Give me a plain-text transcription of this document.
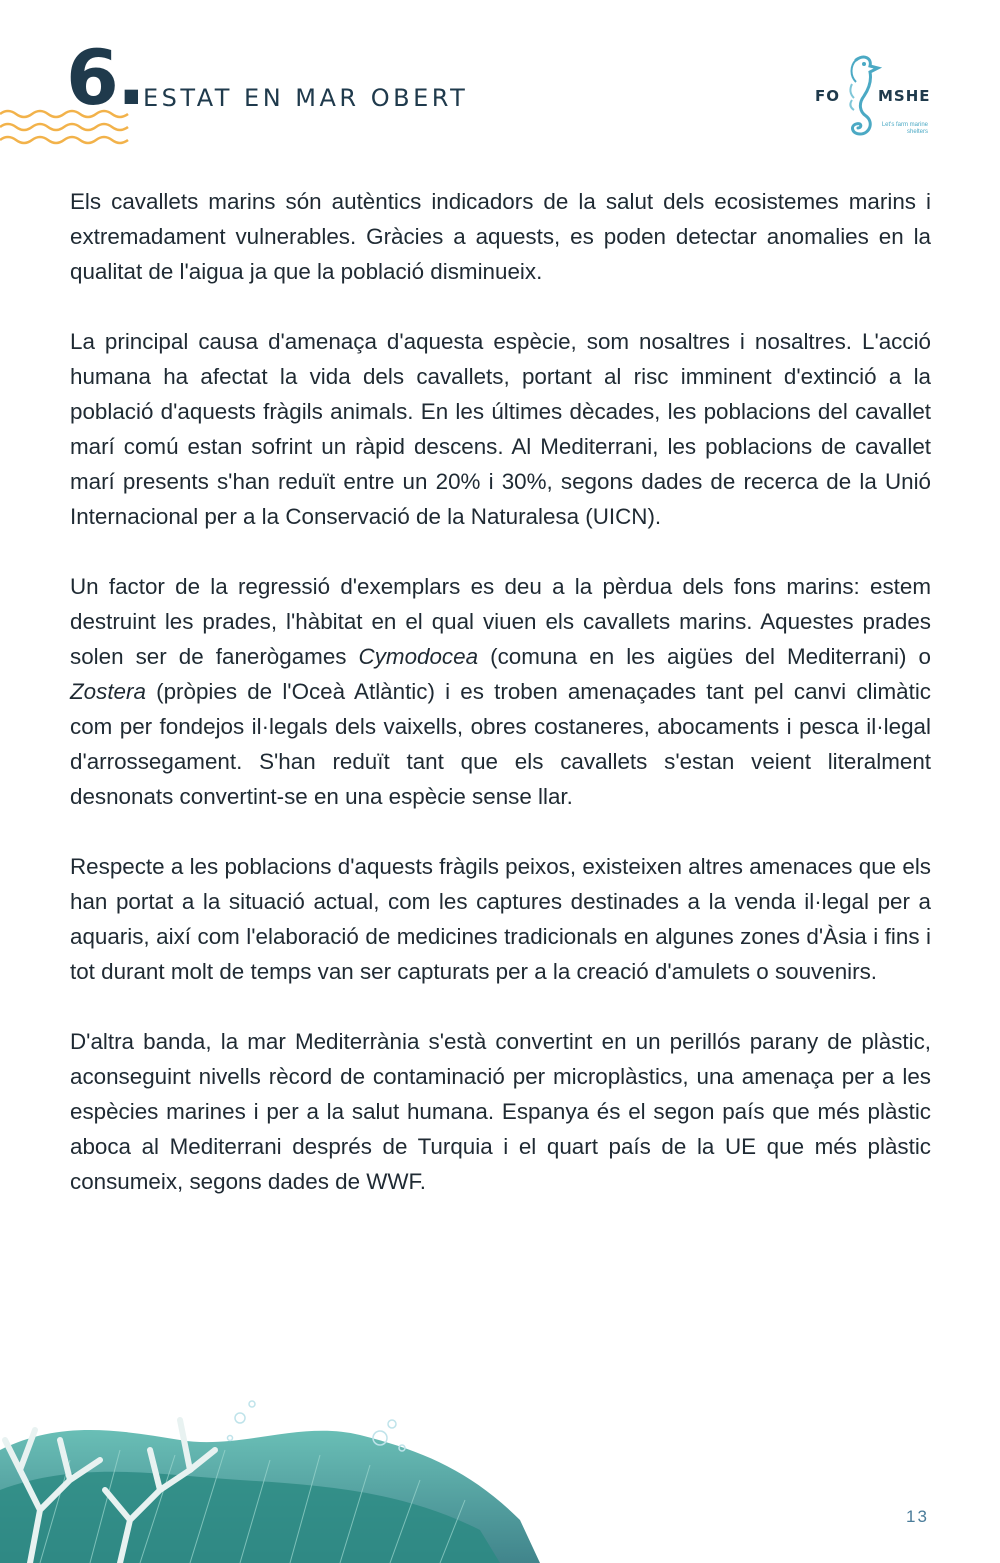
6. ESTAT EN MAR OBERT	FO	MSHE
Let's farm marine shelters

Els cavallets marins són autèntics indicadors de la salut dels ecosistemes marins i extremadament vulnerables. Gràcies a aquests, es poden detectar anomalies en la qualitat de l'aigua ja que la població disminueix.

La principal causa d'amenaça d'aquesta espècie, som nosaltres i nosaltres. L'acció humana ha afectat la vida dels cavallets, portant al risc imminent d'extinció a la població d'aquests fràgils animals. En les últimes dècades, les poblacions del cavallet marí comú estan sofrint un ràpid descens. Al Mediterrani, les poblacions de cavallet marí presents s'han reduït entre un 20% i 30%, segons dades de recerca de la Unió Internacional per a la Conservació de la Naturalesa (UICN).

Un factor de la regressió d'exemplars es deu a la pèrdua dels fons marins: estem destruint les prades, l'hàbitat en el qual viuen els cavallets marins. Aquestes prades solen ser de fanerògames Cymodocea (comuna en les aigües del Mediterrani) o Zostera (pròpies de l'Oceà Atlàntic) i es troben amenaçades tant pel canvi climàtic com per fondejos il·legals dels vaixells, obres costaneres, abocaments i pesca il·legal d'arrossegament. S'han reduït tant que els cavallets s'estan veient literalment desnonats convertint-se en una espècie sense llar.

Respecte a les poblacions d'aquests fràgils peixos, existeixen altres amenaces que els han portat a la situació actual, com les captures destinades a la venda il·legal per a aquaris, així com l'elaboració de medicines tradicionals en algunes zones d'Àsia i fins i tot durant molt de temps van ser capturats per a la creació d'amulets o souvenirs.

D'altra banda, la mar Mediterrània s'està convertint en un perillós parany de plàstic, aconseguint nivells rècord de contaminació per microplàstics, una amenaça per a les espècies marines i per a la salut humana. Espanya és el segon país que més plàstic aboca al Mediterrani després de Turquia i el quart país de la UE que més plàstic consumeix, segons dades de WWF.

13
